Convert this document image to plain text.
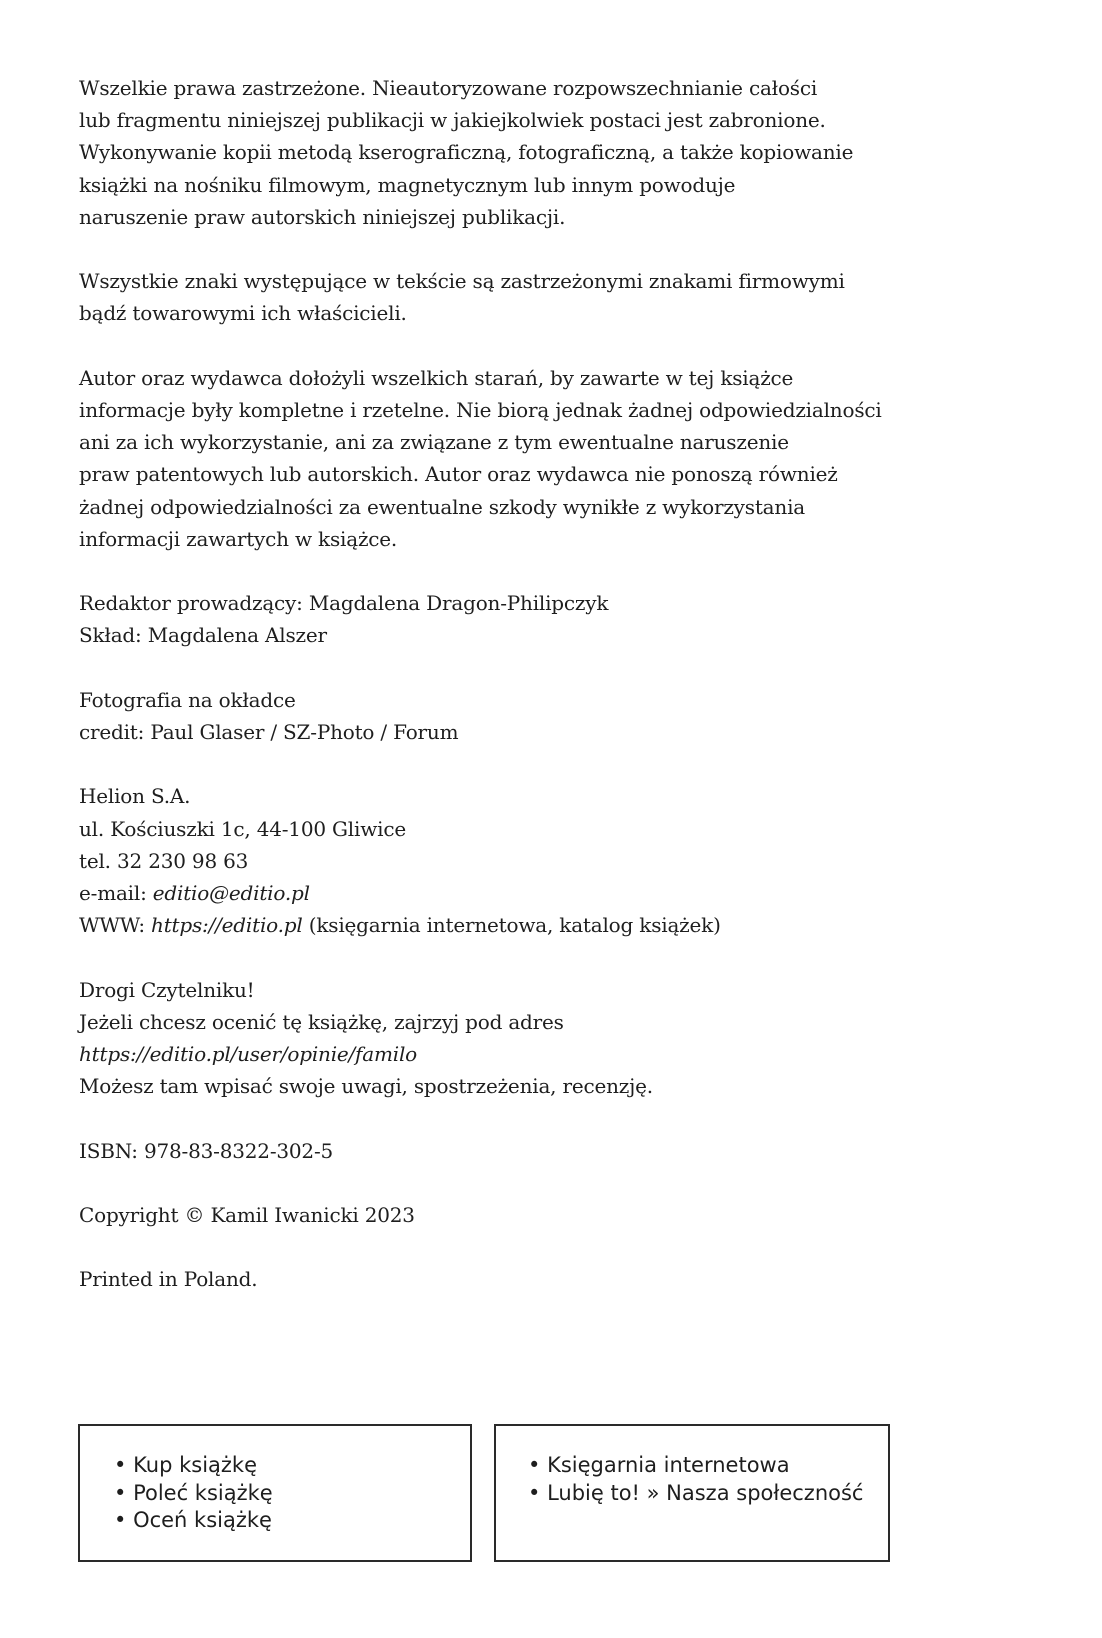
Wszelkie prawa zastrzeżone. Nieautoryzowane rozpowszechnianie całości
lub fragmentu niniejszej publikacji w jakiejkolwiek postaci jest zabronione.
Wykonywanie kopii metodą kserograficzną, fotograficzną, a także kopiowanie
książki na nośniku filmowym, magnetycznym lub innym powoduje
naruszenie praw autorskich niniejszej publikacji.

Wszystkie znaki występujące w tekście są zastrzeżonymi znakami firmowymi
bądź towarowymi ich właścicieli.

Autor oraz wydawca dołożyli wszelkich starań, by zawarte w tej książce
informacje były kompletne i rzetelne. Nie biorą jednak żadnej odpowiedzialności
ani za ich wykorzystanie, ani za związane z tym ewentualne naruszenie
praw patentowych lub autorskich. Autor oraz wydawca nie ponoszą również
żadnej odpowiedzialności za ewentualne szkody wynikłe z wykorzystania
informacji zawartych w książce.

Redaktor prowadzący: Magdalena Dragon-Philipczyk
Skład: Magdalena Alszer

Fotografia na okładce
credit: Paul Glaser / SZ-Photo / Forum

Helion S.A.
ul. Kościuszki 1c, 44-100 Gliwice
tel. 32 230 98 63
e-mail: editio@editio.pl
WWW: https://editio.pl (księgarnia internetowa, katalog książek)

Drogi Czytelniku!
Jeżeli chcesz ocenić tę książkę, zajrzyj pod adres
https://editio.pl/user/opinie/familo
Możesz tam wpisać swoje uwagi, spostrzeżenia, recenzję.

ISBN: 978-83-8322-302-5

Copyright © Kamil Iwanicki 2023

Printed in Poland.

• Kup książkę
• Poleć książkę
• Oceń książkę
• Księgarnia internetowa
• Lubię to! » Nasza społeczność
